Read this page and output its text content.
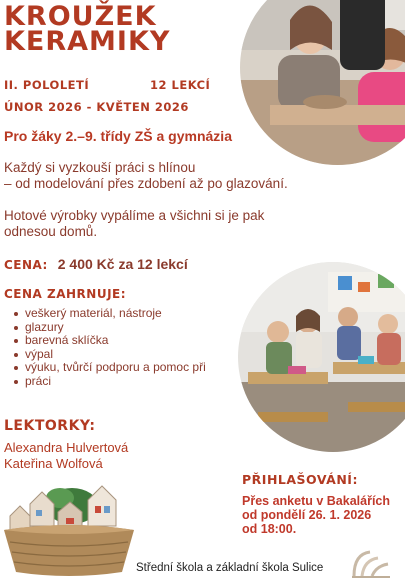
KROUŽEK
KERAMIKY
II. POLOLETÍ	12 LEKCÍ
ÚNOR 2026 - KVĚTEN 2026
Pro žáky 2.–9. třídy ZŠ a gymnázia
Každý si vyzkouší práci s hlínou
– od modelování přes zdobení až po glazování.
Hotové výrobky vypálíme a všichni si je pak
odnesou domů.
CENA: 2 400 Kč za 12 lekcí
CENA ZAHRNUJE:
veškerý materiál, nástroje
glazury
barevná sklíčka
výpal
výuku, tvůrčí podporu a pomoc při
práci
LEKTORKY:
Alexandra Hulvertová
Kateřina Wolfová
PŘIHLAŠOVÁNÍ:
Přes anketu v Bakalářích
od pondělí 26. 1. 2026
od 18:00.
Střední škola a základní škola Sulice
